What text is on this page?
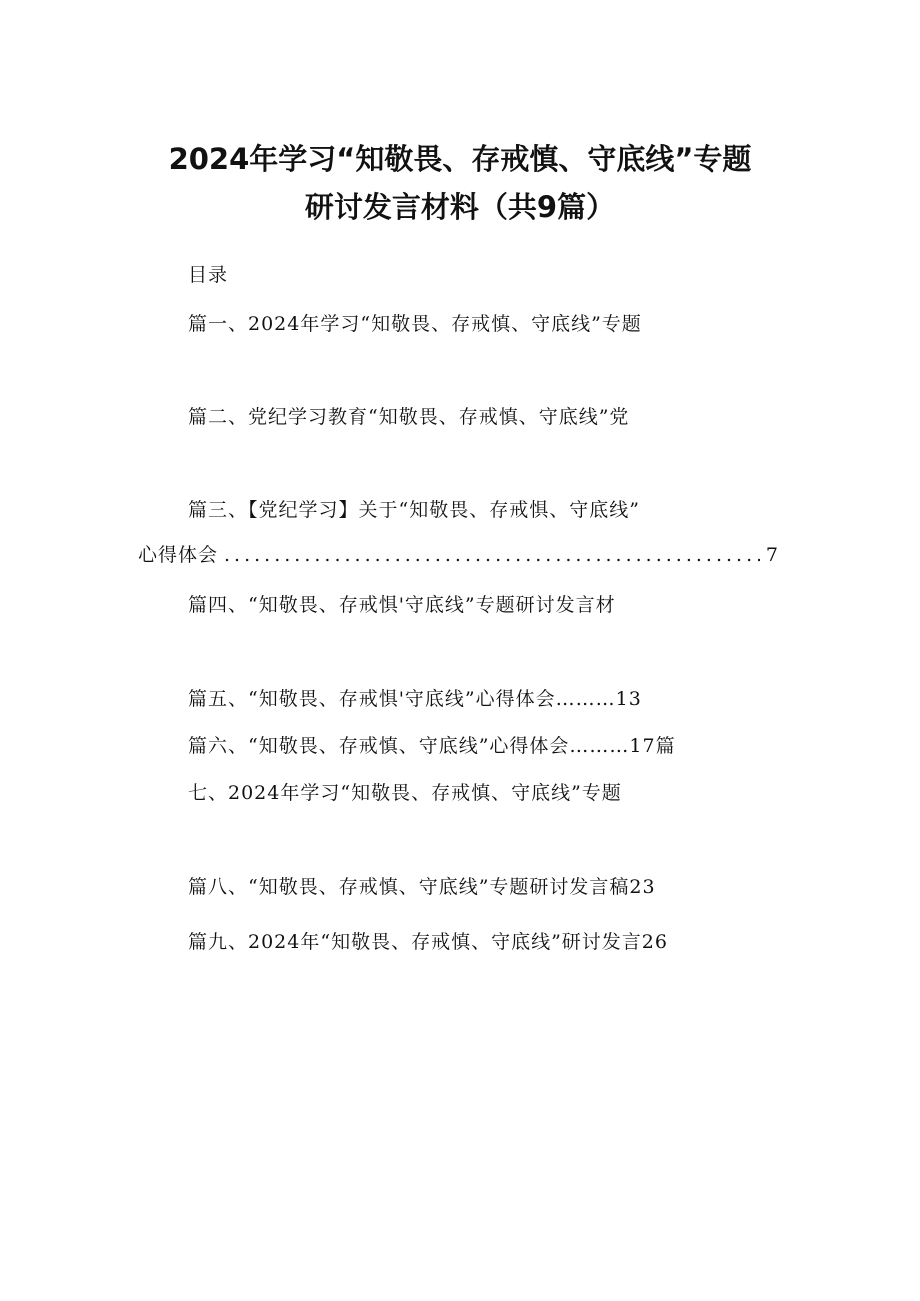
2024年学习“知敬畏、存戒慎、守底线”专题
研讨发言材料（共9篇）
目录
篇一、2024年学习“知敬畏、存戒慎、守底线”专题
篇二、党纪学习教育“知敬畏、存戒慎、守底线”党
篇三、【党纪学习】关于“知敬畏、存戒惧、守底线”
心得体会
.....	7
篇四、“知敬畏、存戒惧'守底线”专题研讨发言材
篇五、“知敬畏、存戒惧'守底线”心得体会………13
篇六、“知敬畏、存戒慎、守底线”心得体会………17篇
七、2024年学习“知敬畏、存戒慎、守底线”专题
篇八、“知敬畏、存戒慎、守底线”专题研讨发言稿23
篇九、2024年“知敬畏、存戒慎、守底线”研讨发言26
